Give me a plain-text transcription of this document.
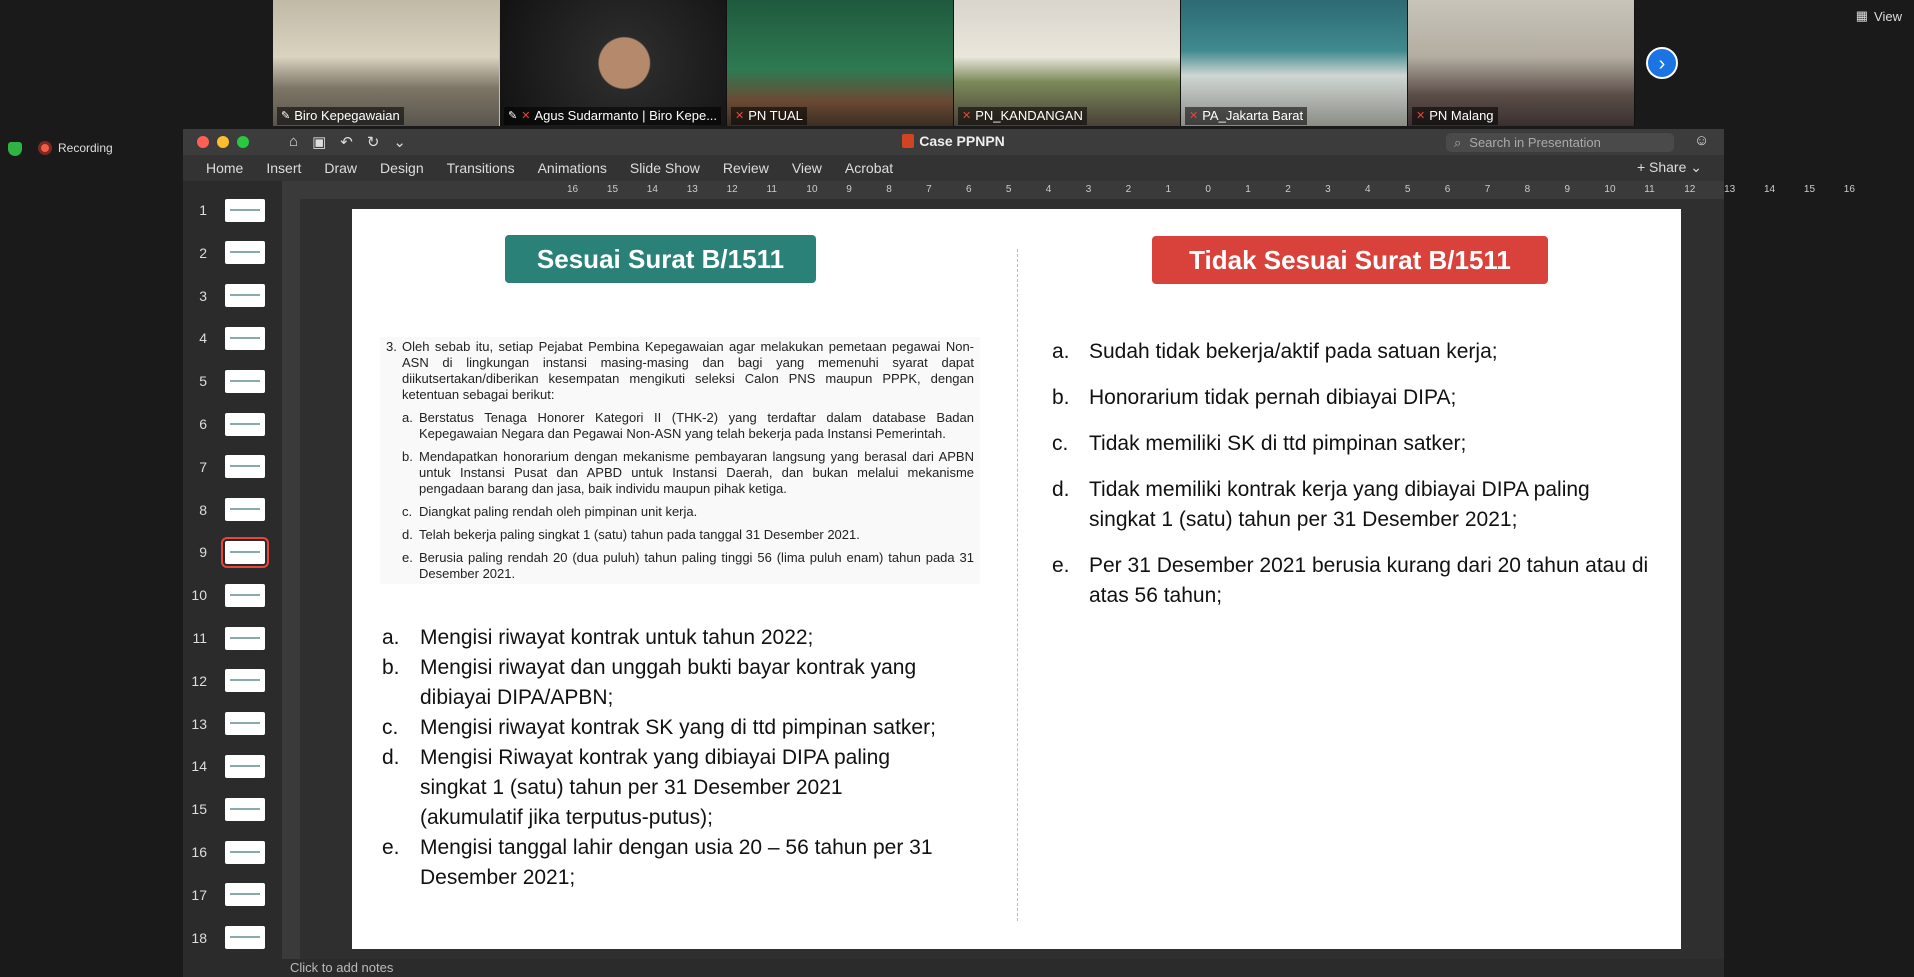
✎ Biro Kepegawaian	✎ ✕ Agus Sudarmanto | Biro Kepe... ✕ PN TUAL	✕ PN_KANDANGAN	✕ PA_Jakarta Barat	✕ PN Malang
›
▦ View
Recording	⌂ ▣ ↶ ↻ ⌄	Case PPNPN	⌕ Search in Presentation	☺
Home Insert Draw Design Transitions Animations Slide Show Review View Acrobat	+ Share ⌄
1
2
3
4
5
6
7
8
9
10
11
12
13
14
15
16
17
18
16	15	14	13	12	11	10	9	8	7	6	5	4	3	2	1	0	1	2	3	4	5	6	7	8	9	10	11	12	13	14	15	16
Click to add notes
Sesuai Surat B/1511	Tidak Sesuai Surat B/1511
3. Oleh sebab itu, setiap Pejabat Pembina Kepegawaian agar melakukan pemetaan pegawai Non-ASN di lingkungan instansi masing-masing dan bagi yang memenuhi syarat dapat diikutsertakan/diberikan kesempatan mengikuti seleksi Calon PNS maupun PPPK, dengan ketentuan sebagai berikut:
a. Berstatus Tenaga Honorer Kategori II (THK-2) yang terdaftar dalam database Badan Kepegawaian Negara dan Pegawai Non-ASN yang telah bekerja pada Instansi Pemerintah.
b. Mendapatkan honorarium dengan mekanisme pembayaran langsung yang berasal dari APBN untuk Instansi Pusat dan APBD untuk Instansi Daerah, dan bukan melalui mekanisme pengadaan barang dan jasa, baik individu maupun pihak ketiga.
c. Diangkat paling rendah oleh pimpinan unit kerja.
d. Telah bekerja paling singkat 1 (satu) tahun pada tanggal 31 Desember 2021.
e. Berusia paling rendah 20 (dua puluh) tahun paling tinggi 56 (lima puluh enam) tahun pada 31 Desember 2021.
a. Mengisi riwayat kontrak untuk tahun 2022;
b. Mengisi riwayat dan unggah bukti bayar kontrak yang dibiayai DIPA/APBN;
c.	Mengisi riwayat kontrak SK yang di ttd pimpinan satker;
d. Mengisi Riwayat kontrak yang dibiayai DIPA paling singkat 1 (satu) tahun per 31 Desember 2021 (akumulatif jika terputus-putus);
e. Mengisi tanggal lahir dengan usia 20 – 56 tahun per 31 Desember 2021;
a. Sudah tidak bekerja/aktif pada satuan kerja;
b. Honorarium tidak pernah dibiayai DIPA;
c. Tidak memiliki SK di ttd pimpinan satker;
d. Tidak memiliki kontrak kerja yang dibiayai DIPA paling singkat 1 (satu) tahun per 31 Desember 2021;
e. Per 31 Desember 2021 berusia kurang dari 20 tahun atau di atas 56 tahun;
